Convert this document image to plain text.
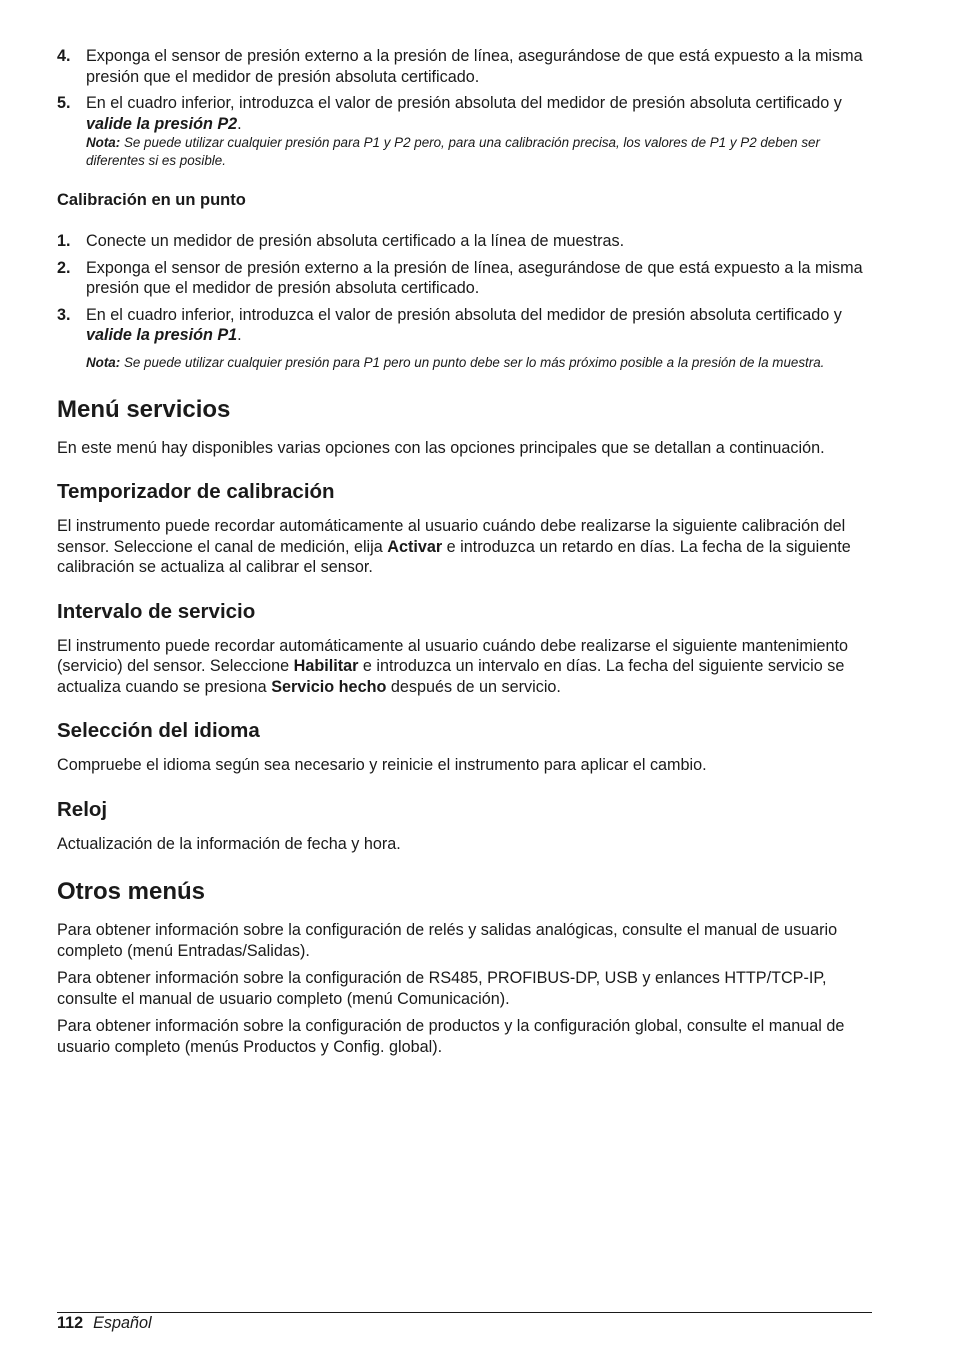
4. Exponga el sensor de presión externo a la presión de línea, asegurándose de que está expuesto a la misma presión que el medidor de presión absoluta certificado.
5. En el cuadro inferior, introduzca el valor de presión absoluta del medidor de presión absoluta certificado y valide la presión P2.
Nota: Se puede utilizar cualquier presión para P1 y P2 pero, para una calibración precisa, los valores de P1 y P2 deben ser diferentes si es posible.
Calibración en un punto
1. Conecte un medidor de presión absoluta certificado a la línea de muestras.
2. Exponga el sensor de presión externo a la presión de línea, asegurándose de que está expuesto a la misma presión que el medidor de presión absoluta certificado.
3. En el cuadro inferior, introduzca el valor de presión absoluta del medidor de presión absoluta certificado y valide la presión P1.
Nota: Se puede utilizar cualquier presión para P1 pero un punto debe ser lo más próximo posible a la presión de la muestra.
Menú servicios
En este menú hay disponibles varias opciones con las opciones principales que se detallan a continuación.
Temporizador de calibración
El instrumento puede recordar automáticamente al usuario cuándo debe realizarse la siguiente calibración del sensor. Seleccione el canal de medición, elija Activar e introduzca un retardo en días. La fecha de la siguiente calibración se actualiza al calibrar el sensor.
Intervalo de servicio
El instrumento puede recordar automáticamente al usuario cuándo debe realizarse el siguiente mantenimiento (servicio) del sensor. Seleccione Habilitar e introduzca un intervalo en días. La fecha del siguiente servicio se actualiza cuando se presiona Servicio hecho después de un servicio.
Selección del idioma
Compruebe el idioma según sea necesario y reinicie el instrumento para aplicar el cambio.
Reloj
Actualización de la información de fecha y hora.
Otros menús
Para obtener información sobre la configuración de relés y salidas analógicas, consulte el manual de usuario completo (menú Entradas/Salidas).
Para obtener información sobre la configuración de RS485, PROFIBUS-DP, USB y enlances HTTP/TCP-IP, consulte el manual de usuario completo (menú Comunicación).
Para obtener información sobre la configuración de productos y la configuración global, consulte el manual de usuario completo (menús Productos y Config. global).
112 Español
